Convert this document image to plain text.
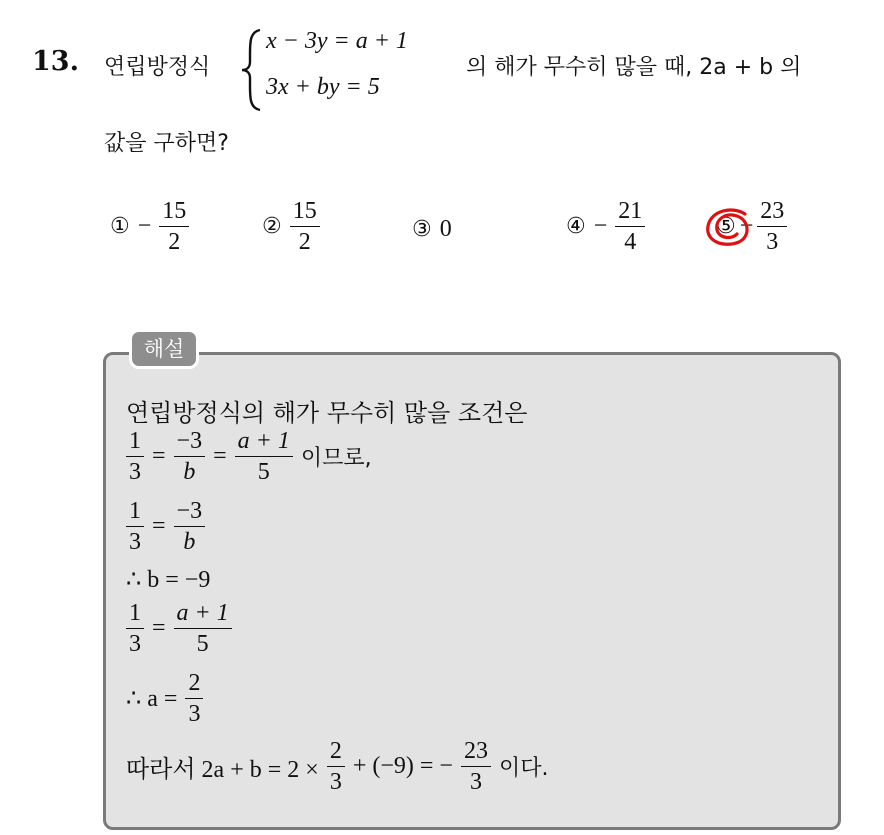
13. 연립방정식
x − 3y = a + 1
3x + by = 5
의 해가 무수히 많을 때, 2a + b 의
값을 구하면?
① − $\frac{15}{2}$	② $\frac{15}{2}$	③ 0	④ − $\frac{21}{4}$	⑤ − $\frac{23}{3}$
해설
연립방정식의 해가 무수히 많을 조건은
$\frac{1}{3} = \frac{-3}{b} = \frac{a + 1}{5}$ 이므로,
$\frac{1}{3} = \frac{-3}{b}$
∴ b = −9
$\frac{1}{3} = \frac{a + 1}{5}$
∴ $a = \frac{2}{3}$
따라서 $2a + b = 2 \times \frac{2}{3} + (-9)$ = − $\frac{23}{3}$ 이다.
